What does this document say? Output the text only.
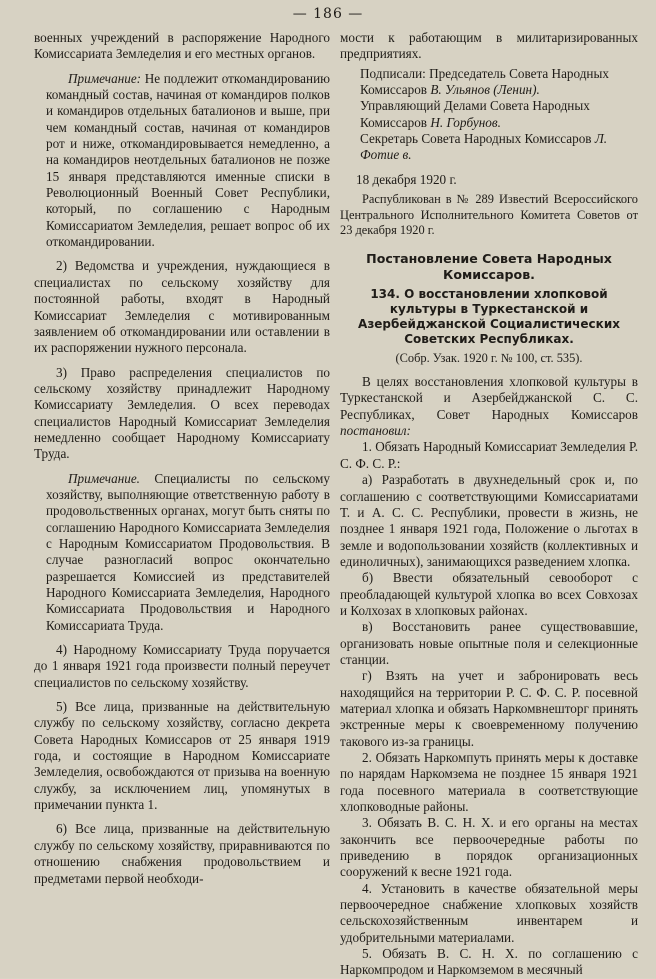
— 186 —

военных учреждений в распоряжение Народного Комиссариата Земледелия и его местных органов.

Примечание: Не подлежит откомандированию командный состав, начиная от командиров полков и командиров отдельных баталионов и выше, при чем командный состав, начиная от командиров рот и ниже, откомандировывается немедленно, а на командиров неотдельных баталионов не позже 15 января представляются именные списки в Революционный Военный Совет Республики, который, по соглашению с Народным Комиссариатом Земледелия, решает вопрос об их откомандировании.

2) Ведомства и учреждения, нуждающиеся в специалистах по сельскому хозяйству для постоянной работы, входят в Народный Комиссариат Земледелия с мотивированным заявлением об откомандировании или оставлении в их распоряжении нужного персонала.

3) Право распределения специалистов по сельскому хозяйству принадлежит Народному Комиссариату Земледелия. О всех переводах специалистов Народный Комиссариат Земледелия немедленно сообщает Народному Комиссариату Труда.

Примечание. Специалисты по сельскому хозяйству, выполняющие ответственную работу в продовольственных органах, могут быть сняты по соглашению Народного Комиссариата Земледелия с Народным Комиссариатом Продовольствия. В случае разногласий вопрос окончательно разрешается Комиссией из представителей Народного Комиссариата Земледелия, Народного Комиссариата Продовольствия и Народного Комиссариата Труда.

4) Народному Комиссариату Труда поручается до 1 января 1921 года произвести полный переучет специалистов по сельскому хозяйству.

5) Все лица, призванные на действительную службу по сельскому хозяйству, согласно декрета Совета Народных Комиссаров от 25 января 1919 года, и состоящие в Народном Комиссариате Земледелия, освобождаются от призыва на военную службу, за исключением лиц, упомянутых в примечании пункта 1.

6) Все лица, призванные на действительную службу по сельскому хозяйству, приравниваются по отношению снабжения продовольствием и предметами первой необходи-

мости к работающим в милитаризированных предприятиях.

Подписали: Председатель Совета Народных Комиссаров В. Ульянов (Ленин).

Управляющий Делами Совета Народных Комиссаров Н. Горбунов.

Секретарь Совета Народных Комиссаров Л. Фотие в.

18 декабря 1920 г.

Распубликован в № 289 Известий Всероссийского Центрального Исполнительного Комитета Советов от 23 декабря 1920 г.

Постановление Совета Народных Комиссаров.

134. О восстановлении хлопковой культуры в Туркестанской и Азербейджанской Социалистических Советских Республиках.

(Собр. Узак. 1920 г. № 100, ст. 535).

В целях восстановления хлопковой культуры в Туркестанской и Азербейджанской С. С. Республиках, Совет Народных Комиссаров постановил:

1. Обязать Народный Комиссариат Земледелия Р. С. Ф. С. Р.:

а) Разработать в двухнедельный срок и, по соглашению с соответствующими Комиссариатами Т. и А. С. С. Республики, провести в жизнь, не позднее 1 января 1921 года, Положение о льготах в земле и водопользовании хозяйств (коллективных и единоличных), занимающихся разведением хлопка.

б) Ввести обязательный севооборот с преобладающей культурой хлопка во всех Совхозах и Колхозах в хлопковых районах.

в) Восстановить ранее существовавшие, организовать новые опытные поля и селекционные станции.

г) Взять на учет и забронировать весь находящийся на территории Р. С. Ф. С. Р. посевной материал хлопка и обязать Наркомвнешторг принять экстренные меры к своевременному получению такового из-за границы.

2. Обязать Наркомпуть принять меры к доставке по нарядам Наркомзема не позднее 15 января 1921 года посевного материала в соответствующие хлопководные районы.

3. Обязать В. С. Н. Х. и его органы на местах закончить все первоочередные работы по приведению в порядок организационных сооружений к весне 1921 года.

4. Установить в качестве обязательной меры первоочередное снабжение хлопковых хозяйств сельскохозяйственным инвентарем и удобрительными материалами.

5. Обязать В. С. Н. Х. по соглашению с Наркомпродом и Наркомземом в месячный
